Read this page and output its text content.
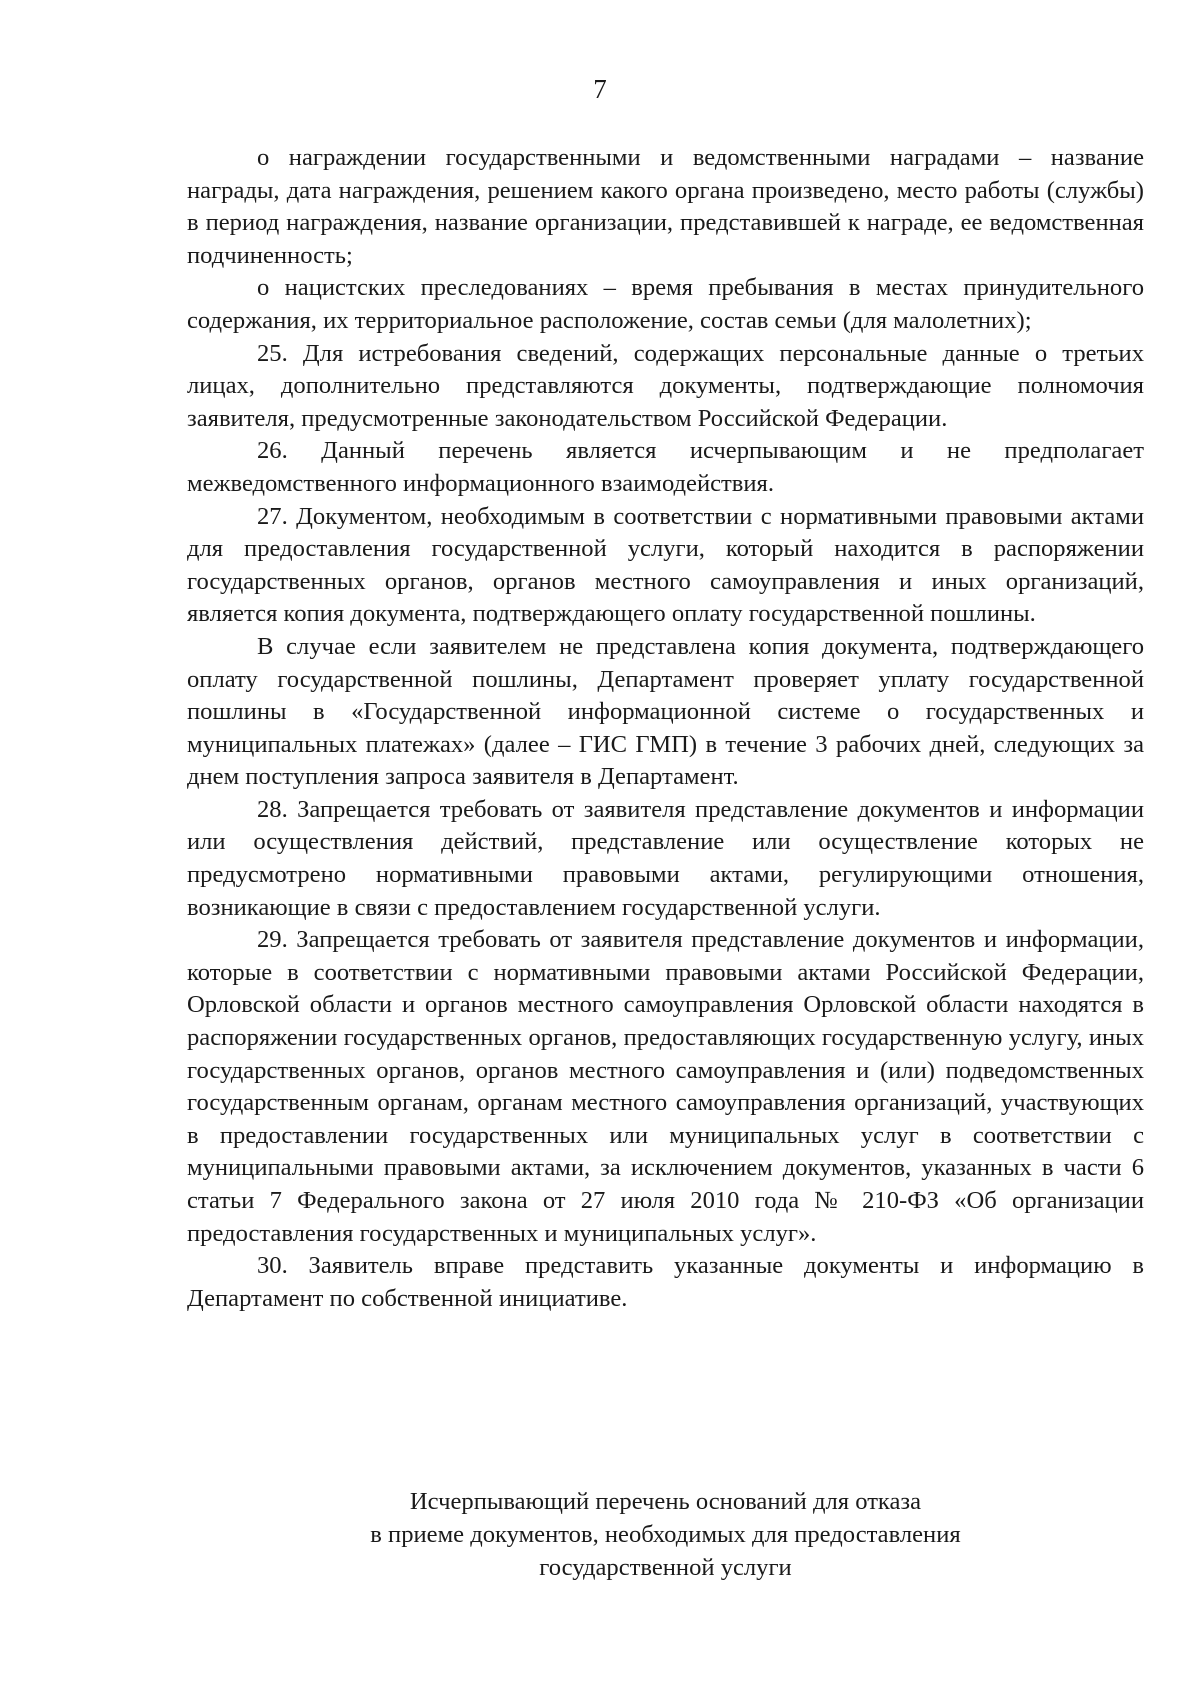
7

о награждении государственными и ведомственными наградами – название награды, дата награждения, решением какого органа произведено, место работы (службы) в период награждения, название организации, представившей к награде, ее ведомственная подчиненность;

о нацистских преследованиях – время пребывания в местах принудительного содержания, их территориальное расположение, состав семьи (для малолетних);

25. Для истребования сведений, содержащих персональные данные о третьих лицах, дополнительно представляются документы, подтверждающие полномочия заявителя, предусмотренные законодательством Российской Федерации.

26. Данный перечень является исчерпывающим и не предполагает межведомственного информационного взаимодействия.

27. Документом, необходимым в соответствии с нормативными правовыми актами для предоставления государственной услуги, который находится в распоряжении государственных органов, органов местного самоуправления и иных организаций, является копия документа, подтверждающего оплату государственной пошлины.

В случае если заявителем не представлена копия документа, подтверждающего оплату государственной пошлины, Департамент проверяет уплату государственной пошлины в «Государственной информационной системе о государственных и муниципальных платежах» (далее – ГИС ГМП) в течение 3 рабочих дней, следующих за днем поступления запроса заявителя в Департамент.

28. Запрещается требовать от заявителя представление документов и информации или осуществления действий, представление или осуществление которых не предусмотрено нормативными правовыми актами, регулирующими отношения, возникающие в связи с предоставлением государственной услуги.

29. Запрещается требовать от заявителя представление документов и информации, которые в соответствии с нормативными правовыми актами Российской Федерации, Орловской области и органов местного самоуправления Орловской области находятся в распоряжении государственных органов, предоставляющих государственную услугу, иных государственных органов, органов местного самоуправления и (или) подведомственных государственным органам, органам местного самоуправления организаций, участвующих в предоставлении государственных или муниципальных услуг в соответствии с муниципальными правовыми актами, за исключением документов, указанных в части 6 статьи 7 Федерального закона от 27 июля 2010 года № 210-ФЗ «Об организации предоставления государственных и муниципальных услуг».

30. Заявитель вправе представить указанные документы и информацию в Департамент по собственной инициативе.

Исчерпывающий перечень оснований для отказа
в приеме документов, необходимых для предоставления
государственной услуги
